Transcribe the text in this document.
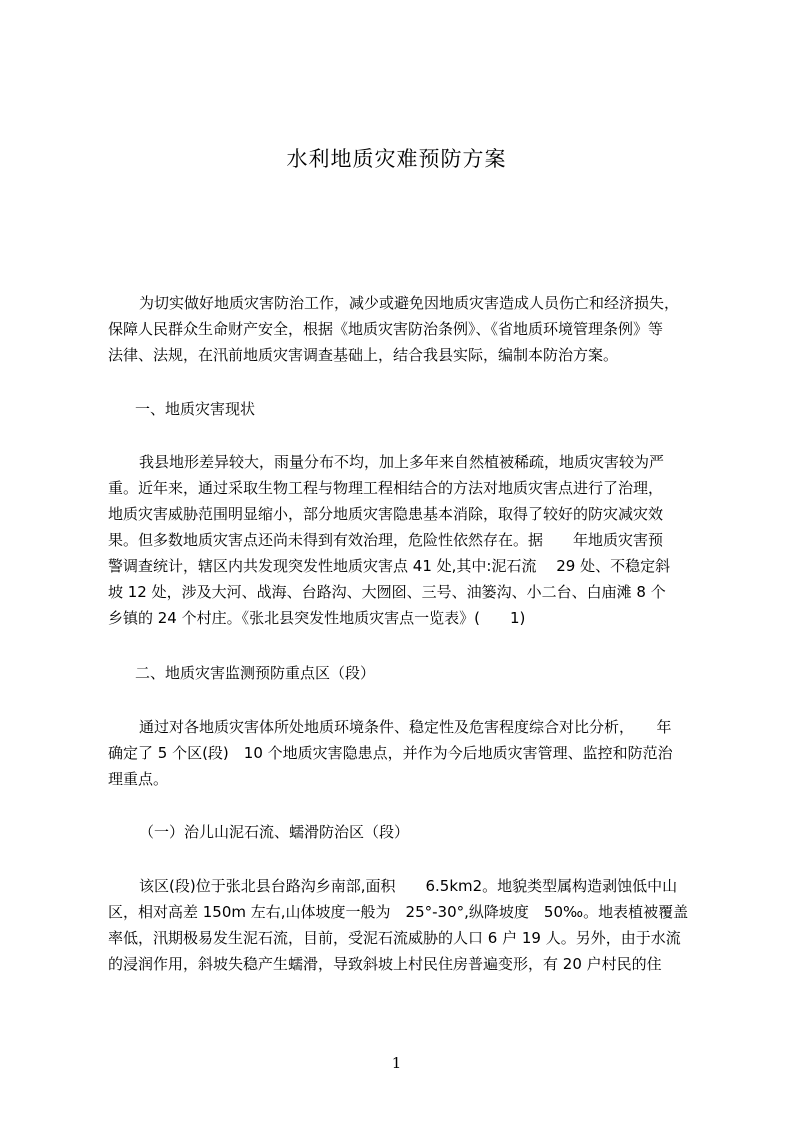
水利地质灾难预防方案
为切实做好地质灾害防治工作，减少或避免因地质灾害造成人员伤亡和经济损失，
保障人民群众生命财产安全，根据《地质灾害防治条例》、《省地质环境管理条例》等
法律、法规，在汛前地质灾害调查基础上，结合我县实际，编制本防治方案。
一、地质灾害现状
我县地形差异较大，雨量分布不均，加上多年来自然植被稀疏，地质灾害较为严
重。近年来，通过采取生物工程与物理工程相结合的方法对地质灾害点进行了治理，
地质灾害威胁范围明显缩小，部分地质灾害隐患基本消除，取得了较好的防灾减灾效
果。但多数地质灾害点还尚未得到有效治理，危险性依然存在。据　　年地质灾害预
警调查统计，辖区内共发现突发性地质灾害点 41 处,其中:泥石流　 29 处、不稳定斜
坡 12 处，涉及大河、战海、台路沟、大囫囵、三号、油篓沟、小二台、白庙滩 8 个
乡镇的 24 个村庄。《张北县突发性地质灾害点一览表》(　　1)
二、地质灾害监测预防重点区（段）
通过对各地质灾害体所处地质环境条件、稳定性及危害程度综合对比分析，　　年
确定了 5 个区(段)　10 个地质灾害隐患点，并作为今后地质灾害管理、监控和防范治
理重点。
（一）治儿山泥石流、蠕滑防治区（段）
该区(段)位于张北县台路沟乡南部,面积　　6.5km2。地貌类型属构造剥蚀低中山
区，相对高差 150m 左右,山体坡度一般为　25°-30°,纵降坡度　50‰。地表植被覆盖
率低，汛期极易发生泥石流，目前，受泥石流威胁的人口 6 户 19 人。另外，由于水流
的浸润作用，斜坡失稳产生蠕滑，导致斜坡上村民住房普遍变形，有 20 户村民的住
1
